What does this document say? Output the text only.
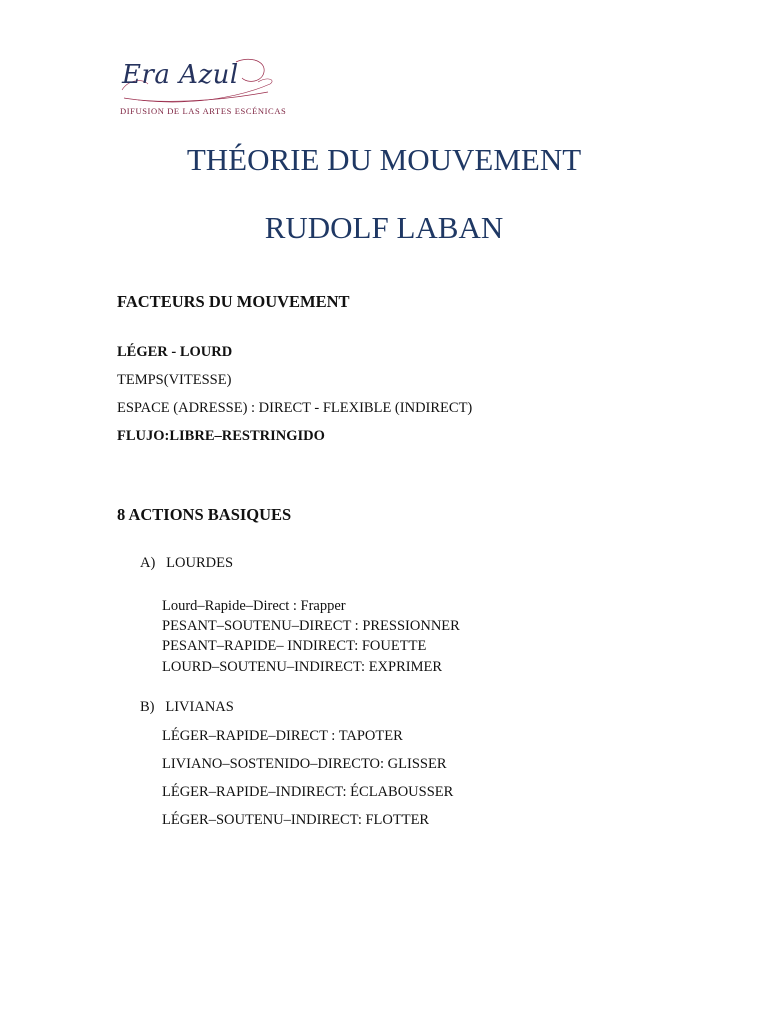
Era Azul
DIFUSION DE LAS ARTES ESCÉNICAS
THÉORIE DU MOUVEMENT
RUDOLF LABAN
FACTEURS DU MOUVEMENT
LÉGER - LOURD
TEMPS(VITESSE)
ESPACE (ADRESSE) : DIRECT - FLEXIBLE (INDIRECT)
FLUJO:LIBRE–RESTRINGIDO
8 ACTIONS BASIQUES
A)   LOURDES
Lourd–Rapide–Direct : Frapper
PESANT–SOUTENU–DIRECT : PRESSIONNER
PESANT–RAPIDE– INDIRECT: FOUETTE
LOURD–SOUTENU–INDIRECT: EXPRIMER
B)   LIVIANAS
LÉGER–RAPIDE–DIRECT : TAPOTER
LIVIANO–SOSTENIDO–DIRECTO: GLISSER
LÉGER–RAPIDE–INDIRECT: ÉCLABOUSSER
LÉGER–SOUTENU–INDIRECT: FLOTTER
